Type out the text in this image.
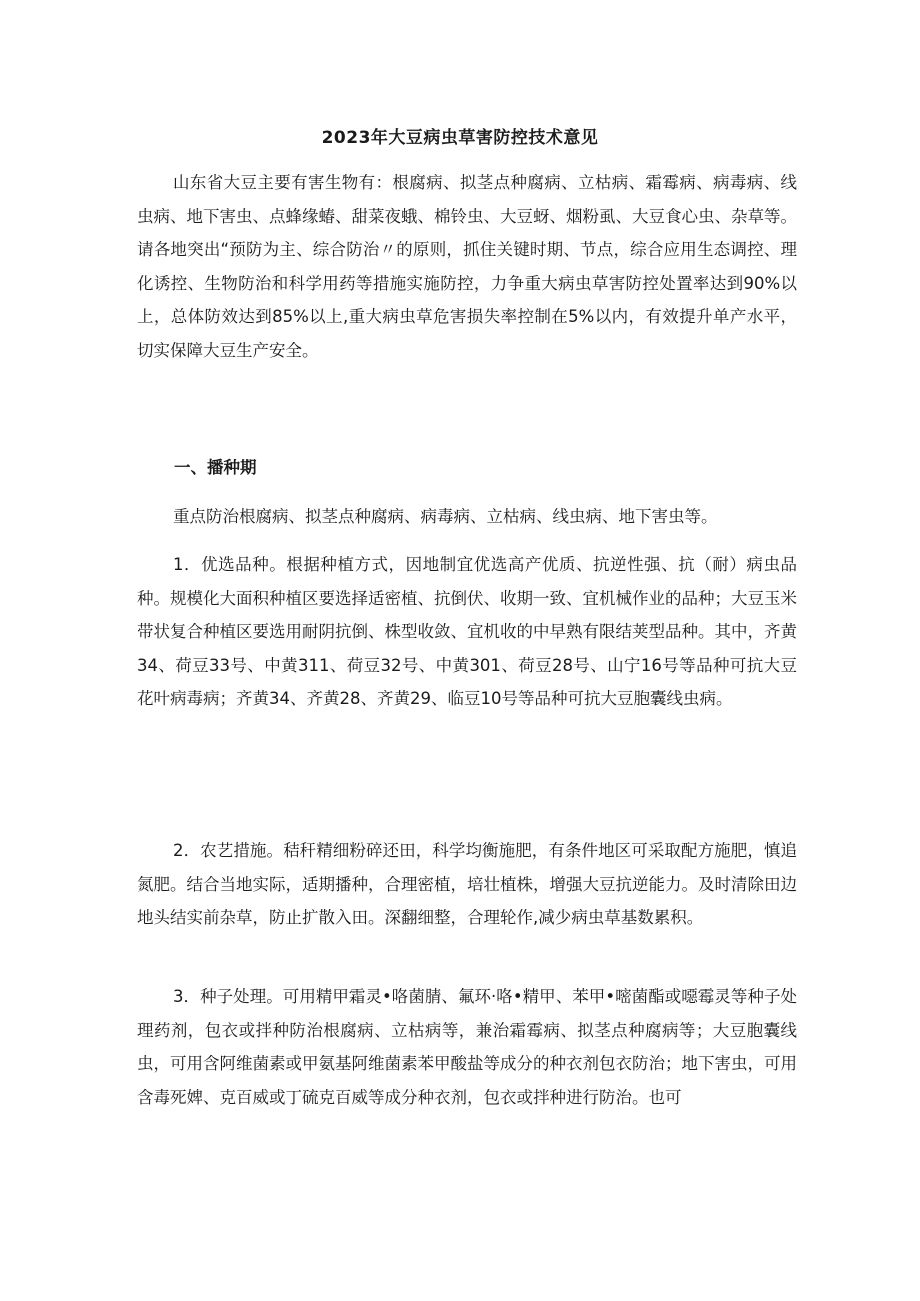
2023年大豆病虫草害防控技术意见
山东省大豆主要有害生物有：根腐病、拟茎点种腐病、立枯病、霜霉病、病毒病、线虫病、地下害虫、点蜂缘蝽、甜菜夜蛾、棉铃虫、大豆蚜、烟粉虱、大豆食心虫、杂草等。请各地突出“预防为主、综合防治〃的原则，抓住关键时期、节点，综合应用生态调控、理化诱控、生物防治和科学用药等措施实施防控，力争重大病虫草害防控处置率达到90%以上，总体防效达到85%以上,重大病虫草危害损失率控制在5%以内，有效提升单产水平，切实保障大豆生产安全。
一、播种期
重点防治根腐病、拟茎点种腐病、病毒病、立枯病、线虫病、地下害虫等。
1．优选品种。根据种植方式，因地制宜优选高产优质、抗逆性强、抗（耐）病虫品种。规模化大面积种植区要选择适密植、抗倒伏、收期一致、宜机械作业的品种；大豆玉米带状复合种植区要选用耐阴抗倒、株型收敛、宜机收的中早熟有限结荚型品种。其中，齐黄34、荷豆33号、中黄311、荷豆32号、中黄301、荷豆28号、山宁16号等品种可抗大豆花叶病毒病；齐黄34、齐黄28、齐黄29、临豆10号等品种可抗大豆胞囊线虫病。
2．农艺措施。秸秆精细粉碎还田，科学均衡施肥，有条件地区可采取配方施肥，慎追氮肥。结合当地实际，适期播种，合理密植，培壮植株，增强大豆抗逆能力。及时清除田边地头结实前杂草，防止扩散入田。深翻细整，合理轮作,减少病虫草基数累积。
3．种子处理。可用精甲霜灵•咯菌腈、氟环·咯•精甲、苯甲•嘧菌酯或噁霉灵等种子处理药剂，包衣或拌种防治根腐病、立枯病等，兼治霜霉病、拟茎点种腐病等；大豆胞囊线虫，可用含阿维菌素或甲氨基阿维菌素苯甲酸盐等成分的种衣剂包衣防治；地下害虫，可用含毒死婢、克百威或丁硫克百威等成分种衣剂，包衣或拌种进行防治。也可
